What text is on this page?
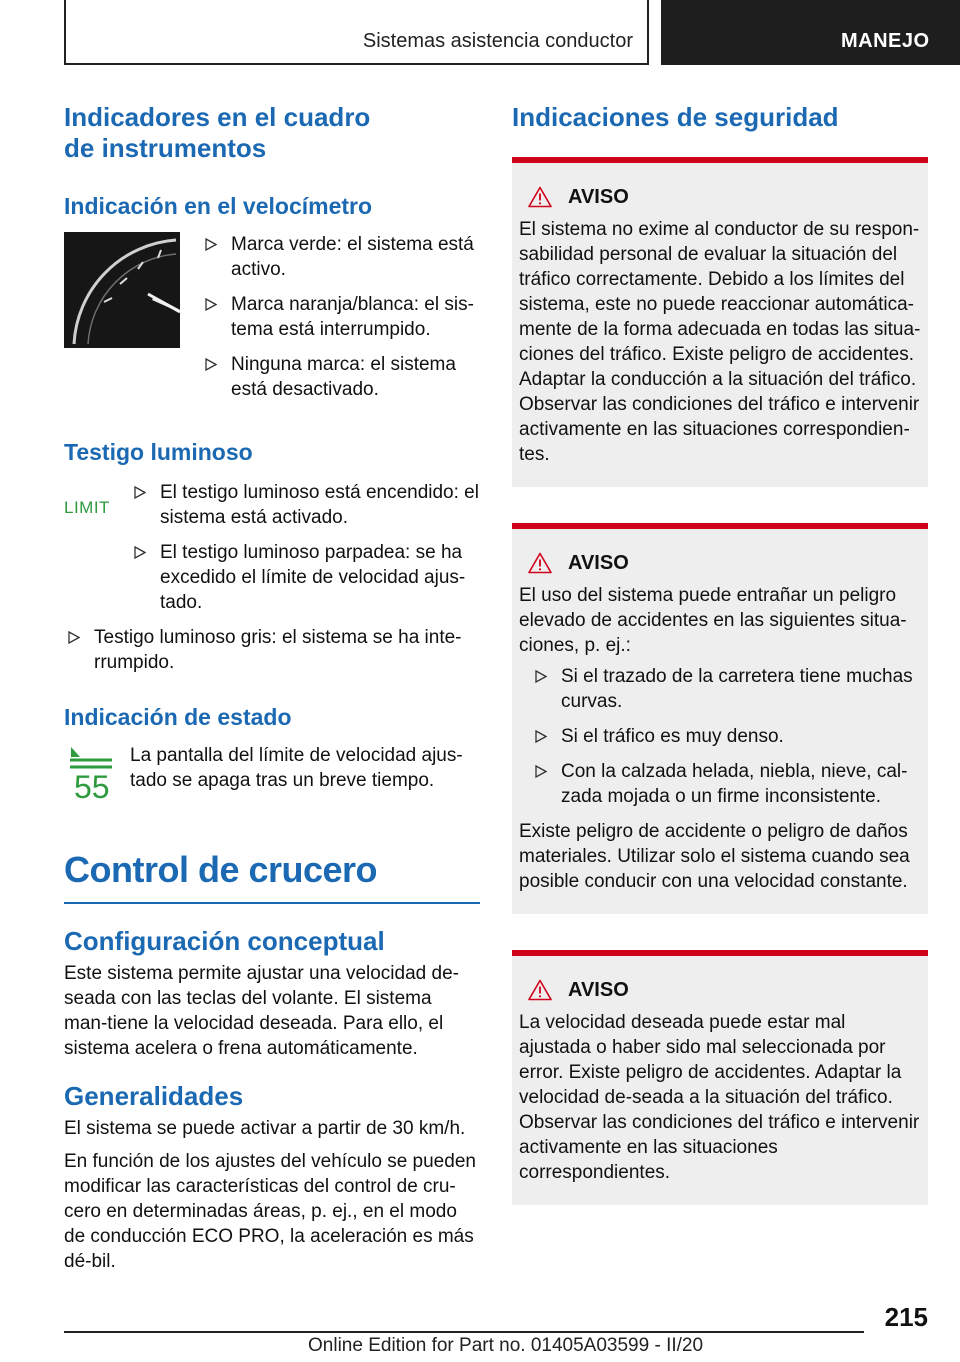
Sistemas asistencia conductor	MANEJO
Indicadores en el cuadro de instrumentos
Indicación en el velocímetro
Marca verde: el sistema está activo.
Marca naranja/blanca: el sis‐tema está interrumpido.
Ninguna marca: el sistema está desactivado.
Testigo luminoso
LIMIT
El testigo luminoso está encendido: el sistema está activado.
El testigo luminoso parpadea: se ha excedido el límite de velocidad ajus‐tado.
Testigo luminoso gris: el sistema se ha inte‐rrumpido.
Indicación de estado
55

La pantalla del límite de velocidad ajus‐tado se apaga tras un breve tiempo.

Control de crucero
Configuración conceptual

Este sistema permite ajustar una velocidad de‐seada con las teclas del volante. El sistema man‐tiene la velocidad deseada. Para ello, el sistema acelera o frena automáticamente.

Generalidades

El sistema se puede activar a partir de 30 km/h.

En función de los ajustes del vehículo se pueden modificar las características del control de cru‐cero en determinadas áreas, p. ej., en el modo de conducción ECO PRO, la aceleración es más dé‐bil.

Indicaciones de seguridad
AVISO

El sistema no exime al conductor de su respon‐sabilidad personal de evaluar la situación del tráfico correctamente. Debido a los límites del sistema, este no puede reaccionar automática‐mente de la forma adecuada en todas las situa‐ciones del tráfico. Existe peligro de accidentes. Adaptar la conducción a la situación del tráfico. Observar las condiciones del tráfico e intervenir activamente en las situaciones correspondien‐tes.

AVISO

El uso del sistema puede entrañar un peligro elevado de accidentes en las siguientes situa‐ciones, p. ej.:

Si el trazado de la carretera tiene muchas curvas.
Si el tráfico es muy denso.
Con la calzada helada, niebla, nieve, cal‐zada mojada o un firme inconsistente.

Existe peligro de accidente o peligro de daños materiales. Utilizar solo el sistema cuando sea posible conducir con una velocidad constante.

AVISO

La velocidad deseada puede estar mal ajustada o haber sido mal seleccionada por error. Existe peligro de accidentes. Adaptar la velocidad de‐seada a la situación del tráfico. Observar las condiciones del tráfico e intervenir activamente en las situaciones correspondientes.

215
Online Edition for Part no. 01405A03599 - II/20
